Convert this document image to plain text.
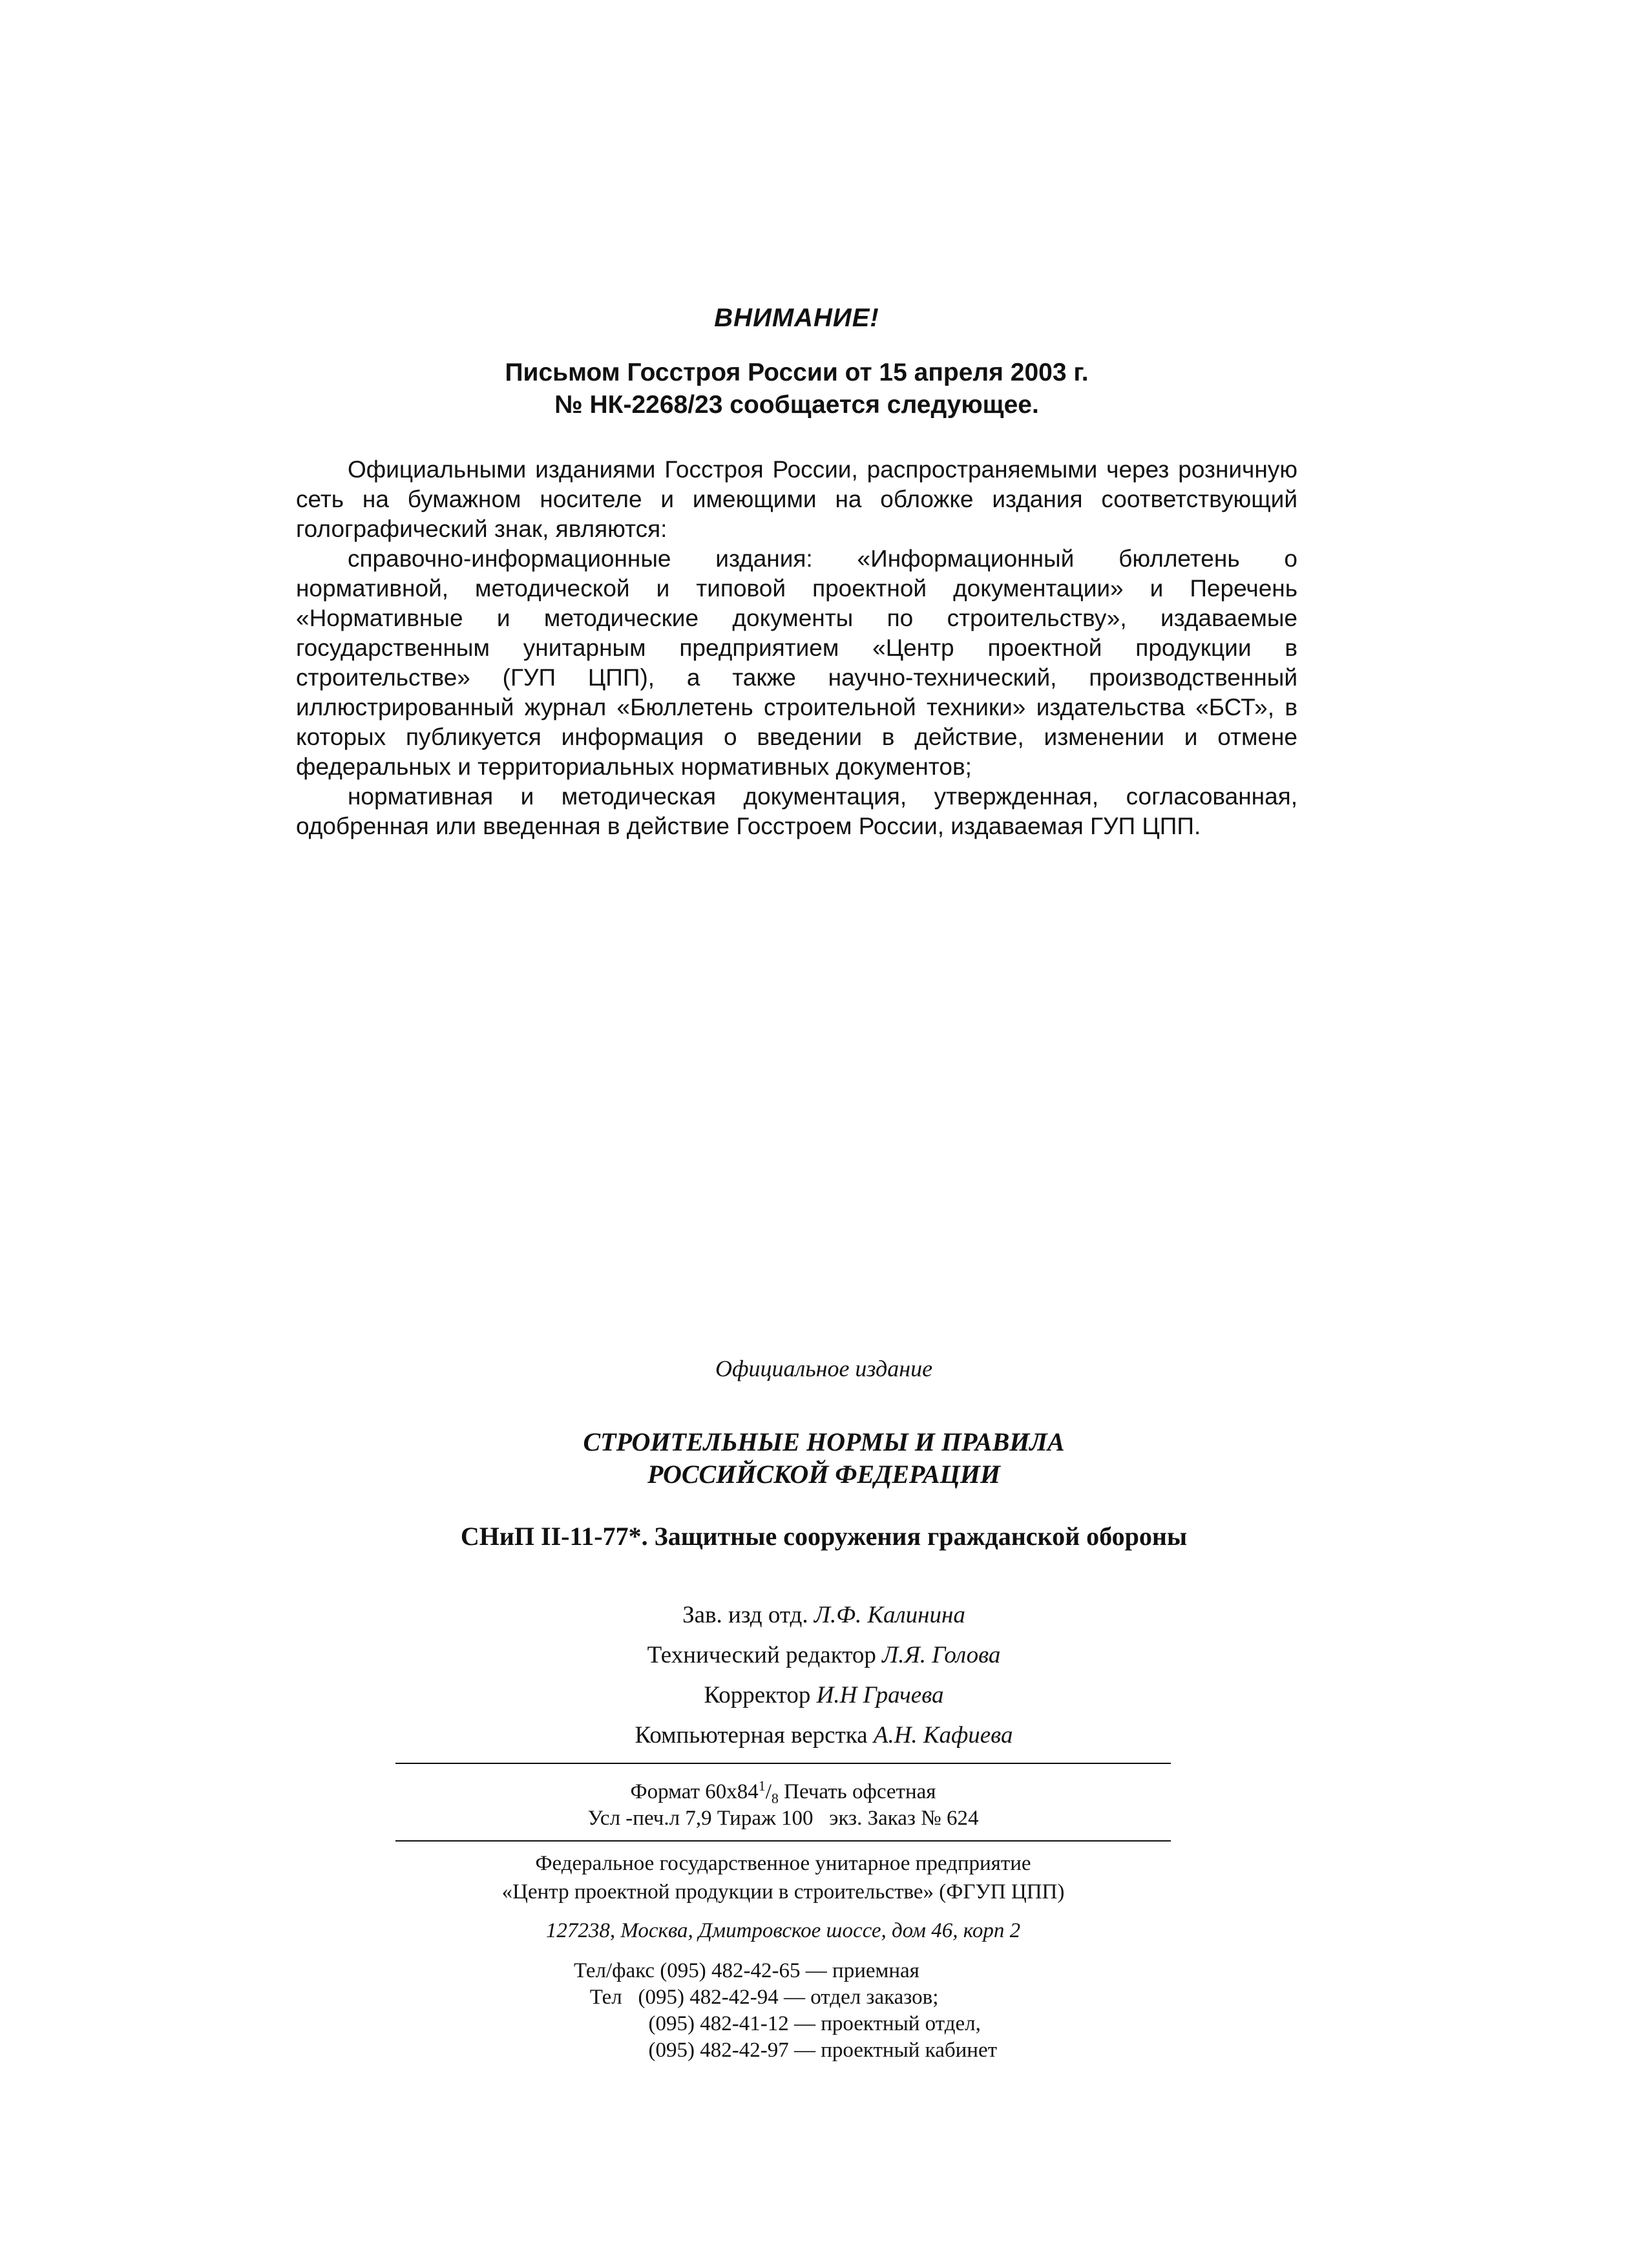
ВНИМАНИЕ!

Письмом Госстроя России от 15 апреля 2003 г.

№ НК-2268/23 сообщается следующее.

Официальными изданиями Госстроя России, распространяемыми через розничную сеть на бумажном носителе и имеющими на обложке издания соответствующий голографический знак, являются:

справочно-информационные издания: «Информационный бюллетень о нормативной, методической и типовой проектной документации» и Перечень «Нормативные и методические документы по строительству», издаваемые государственным унитарным предприятием «Центр проектной продукции в строительстве» (ГУП ЦПП), а также научно-технический, производственный иллюстрированный журнал «Бюллетень строительной техники» издательства «БСТ», в которых публикуется информация о введении в действие, изменении и отмене федеральных и территориальных нормативных документов;

нормативная и методическая документация, утвержденная, согласованная, одобренная или введенная в действие Госстроем России, издаваемая ГУП ЦПП.

Официальное издание

СТРОИТЕЛЬНЫЕ НОРМЫ И ПРАВИЛА

РОССИЙСКОЙ ФЕДЕРАЦИИ

СНиП II-11-77*. Защитные сооружения гражданской обороны

Зав. изд отд. Л.Ф. Калинина
Технический редактор Л.Я. Голова
Корректор И.Н Грачева
Компьютерная верстка А.Н. Кафиева
Формат $60х84^1/_8$ Печать офсетная
Усл -печ.л 7,9 Тираж 100   экз. Заказ № 624
Федеральное государственное унитарное предприятие
«Центр проектной продукции в строительстве» (ФГУП ЦПП)
127238, Москва, Дмитровское шоссе, дом 46, корп 2
Тел/факс (095) 482-42-65 — приемная
Тел   (095) 482-42-94 — отдел заказов;
(095) 482-41-12 — проектный отдел,
(095) 482-42-97 — проектный кабинет
